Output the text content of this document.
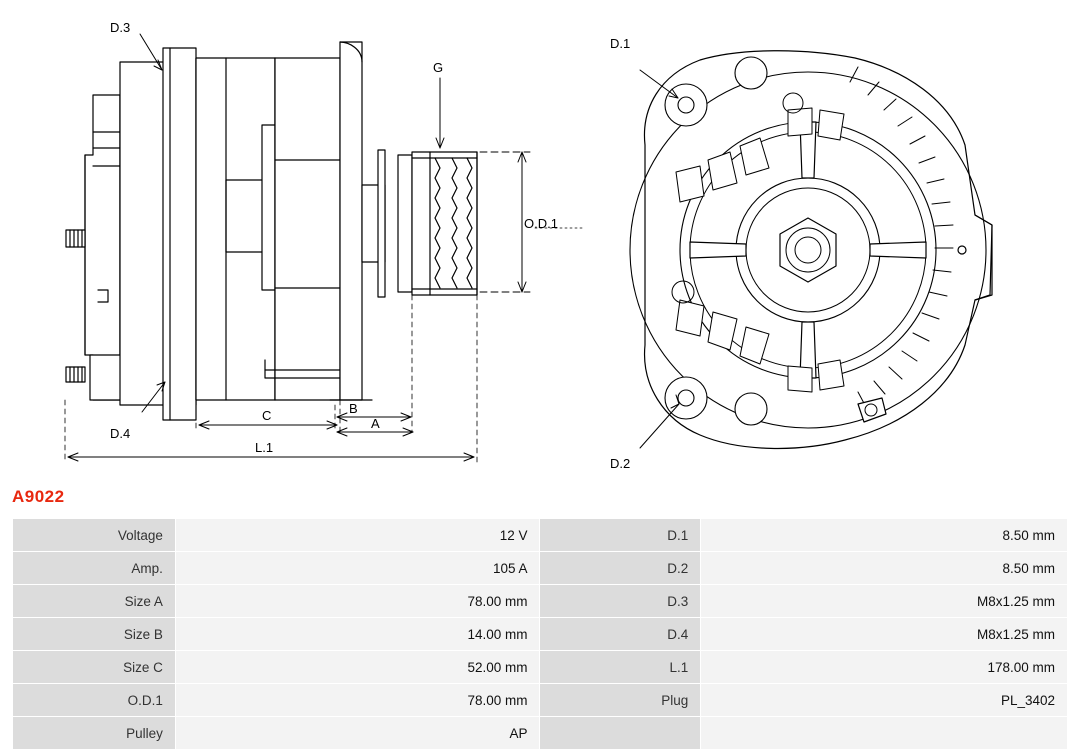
D.3
D.4
G
O.D.1
A
B
C
L.1
D.1
D.2
A9022
Voltage	12 V	D.1	8.50 mm
Amp.	105 A	D.2	8.50 mm
Size A	78.00 mm	D.3	M8x1.25 mm
Size B	14.00 mm	D.4	M8x1.25 mm
Size C	52.00 mm	L.1	178.00 mm
O.D.1	78.00 mm	Plug	PL_3402
Pulley	AP		
